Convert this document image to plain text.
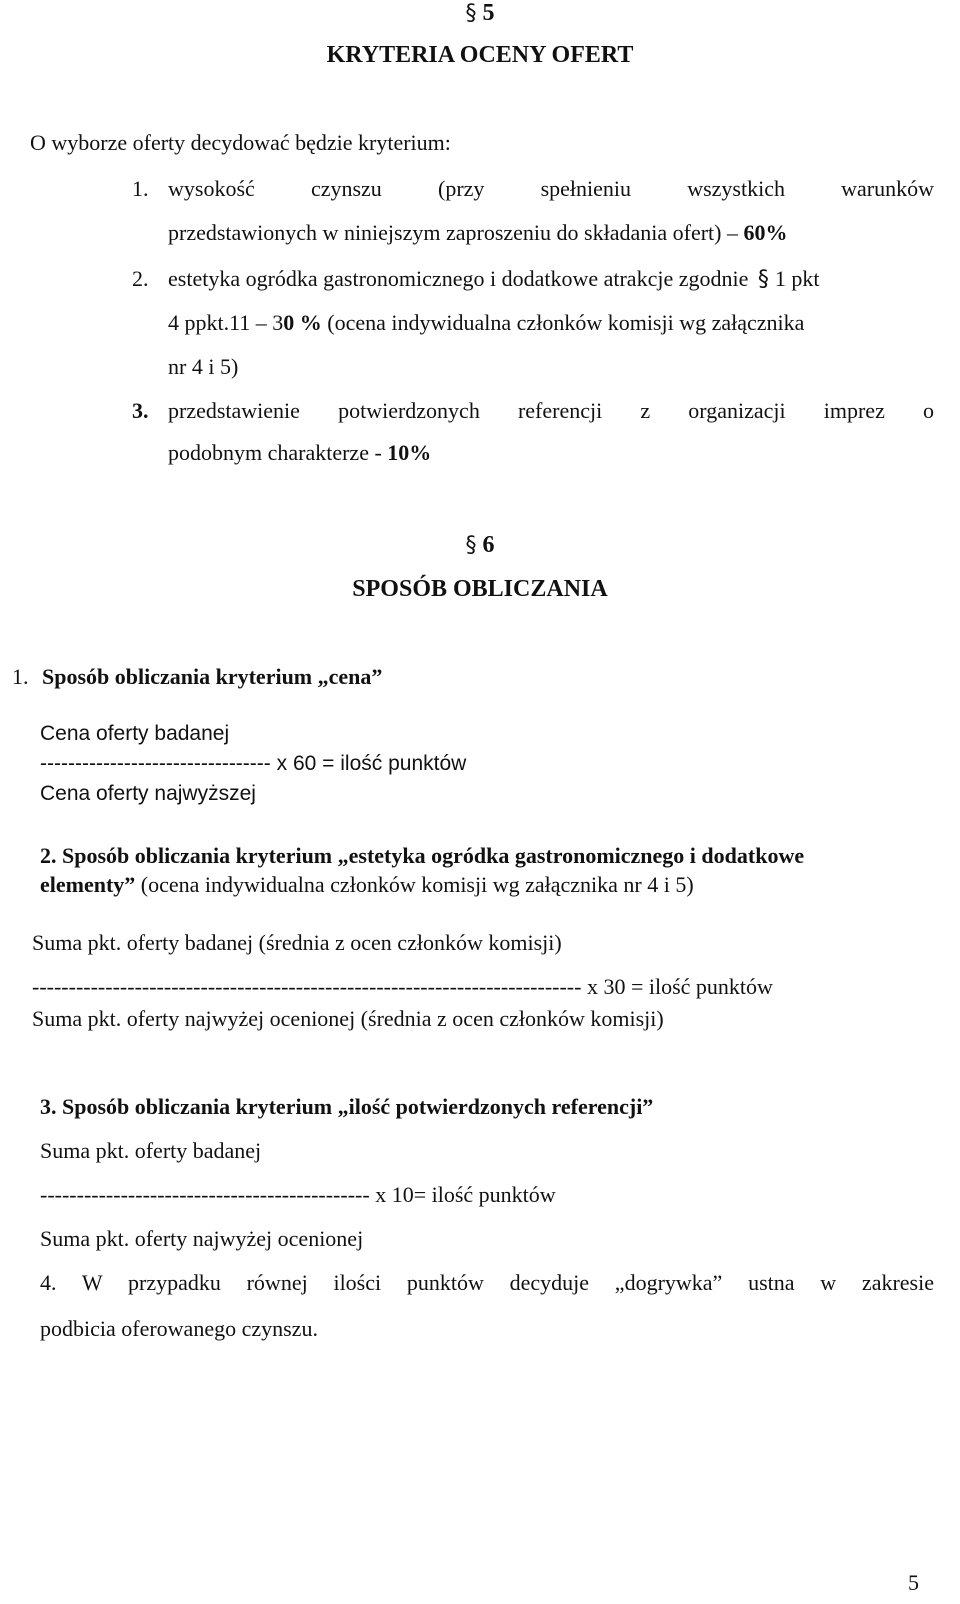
§ 5
KRYTERIA OCENY OFERT
O wyborze oferty decydować będzie kryterium:
1. wysokość czynszu (przy spełnieniu wszystkich warunków
przedstawionych w niniejszym zaproszeniu do składania ofert) – 60%
2. estetyka ogródka gastronomicznego i dodatkowe atrakcje zgodnie § 1 pkt
4 ppkt.11 – 30 % (ocena indywidualna członków komisji wg załącznika
nr 4 i 5)
3. przedstawienie potwierdzonych referencji z organizacji imprez o
podobnym charakterze - 10%
§ 6
SPOSÓB OBLICZANIA
1. Sposób obliczania kryterium „cena”
Cena oferty badanej
--------------------------------- x 60 = ilość punktów
Cena oferty najwyższej
2. Sposób obliczania kryterium „estetyka ogródka gastronomicznego i dodatkowe
elementy” (ocena indywidualna członków komisji wg załącznika nr 4 i 5)
Suma pkt. oferty badanej (średnia z ocen członków komisji)
--------------------------------------------------------------------------- x 30 = ilość punktów
Suma pkt. oferty najwyżej ocenionej (średnia z ocen członków komisji)
3. Sposób obliczania kryterium „ilość potwierdzonych referencji”
Suma pkt. oferty badanej
--------------------------------------------- x 10= ilość punktów
Suma pkt. oferty najwyżej ocenionej
4. W przypadku równej ilości punktów decyduje „dogrywka” ustna w zakresie
podbicia oferowanego czynszu.
5
